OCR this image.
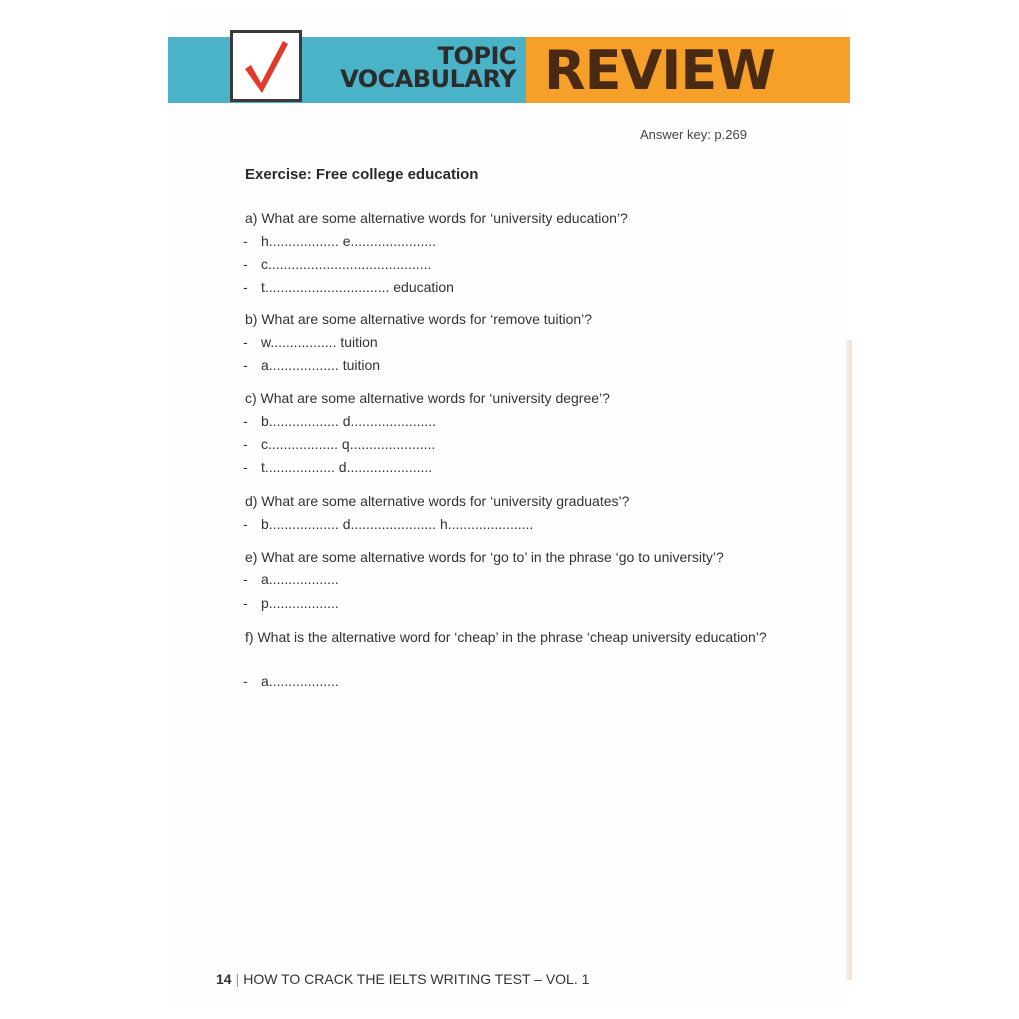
TOPIC
VOCABULARY REVIEW
Answer key: p.269
Exercise: Free college education
a) What are some alternative words for ‘university education’?
- h.................. e......................
- c..........................................
- t................................ education
b) What are some alternative words for ‘remove tuition’?
- w................. tuition
- a.................. tuition
c) What are some alternative words for ‘university degree’?
- b.................. d......................
- c.................. q......................
- t.................. d......................
d) What are some alternative words for ‘university graduates’?
- b.................. d...................... h......................
e) What are some alternative words for ‘go to’ in the phrase ‘go to university’?
- a..................
- p..................
f) What is the alternative word for ‘cheap’ in the phrase ‘cheap university education’?
- a..................
14 | HOW TO CRACK THE IELTS WRITING TEST – VOL. 1
